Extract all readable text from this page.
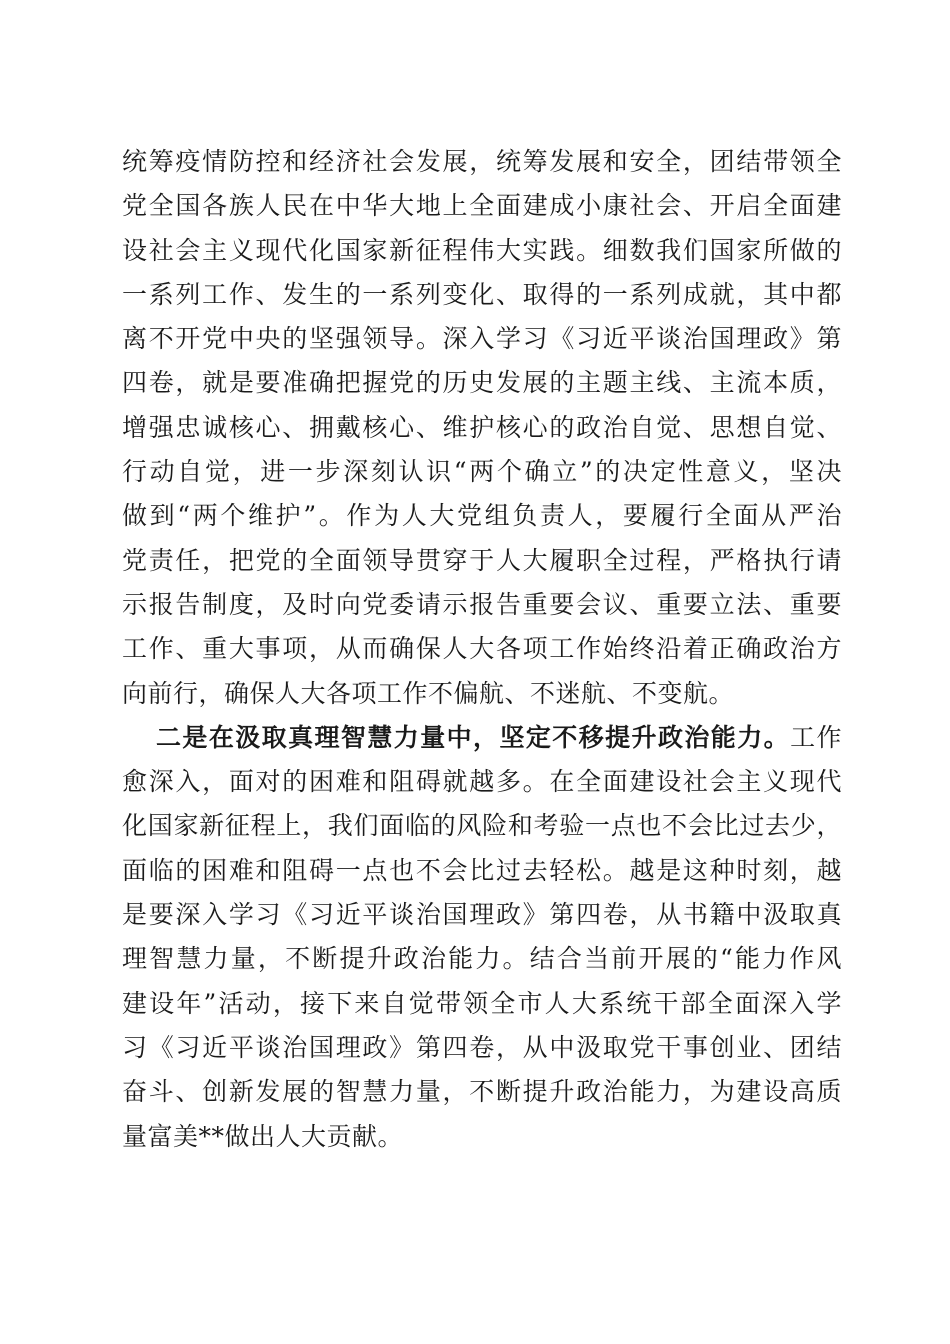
统筹疫情防控和经济社会发展，统筹发展和安全，团结带领全
党全国各族人民在中华大地上全面建成小康社会、开启全面建
设社会主义现代化国家新征程伟大实践。细数我们国家所做的
一系列工作、发生的一系列变化、取得的一系列成就，其中都
离不开党中央的坚强领导。深入学习《习近平谈治国理政》第
四卷，就是要准确把握党的历史发展的主题主线、主流本质，
增强忠诚核心、拥戴核心、维护核心的政治自觉、思想自觉、
行动自觉，进一步深刻认识“两个确立”的决定性意义，坚决
做到“两个维护”。作为人大党组负责人，要履行全面从严治
党责任，把党的全面领导贯穿于人大履职全过程，严格执行请
示报告制度，及时向党委请示报告重要会议、重要立法、重要
工作、重大事项，从而确保人大各项工作始终沿着正确政治方
向前行，确保人大各项工作不偏航、不迷航、不变航。
二是在汲取真理智慧力量中，坚定不移提升政治能力。工作
愈深入，面对的困难和阻碍就越多。在全面建设社会主义现代
化国家新征程上，我们面临的风险和考验一点也不会比过去少，
面临的困难和阻碍一点也不会比过去轻松。越是这种时刻，越
是要深入学习《习近平谈治国理政》第四卷，从书籍中汲取真
理智慧力量，不断提升政治能力。结合当前开展的“能力作风
建设年”活动，接下来自觉带领全市人大系统干部全面深入学
习《习近平谈治国理政》第四卷，从中汲取党干事创业、团结
奋斗、创新发展的智慧力量，不断提升政治能力，为建设高质
量富美**做出人大贡献。
